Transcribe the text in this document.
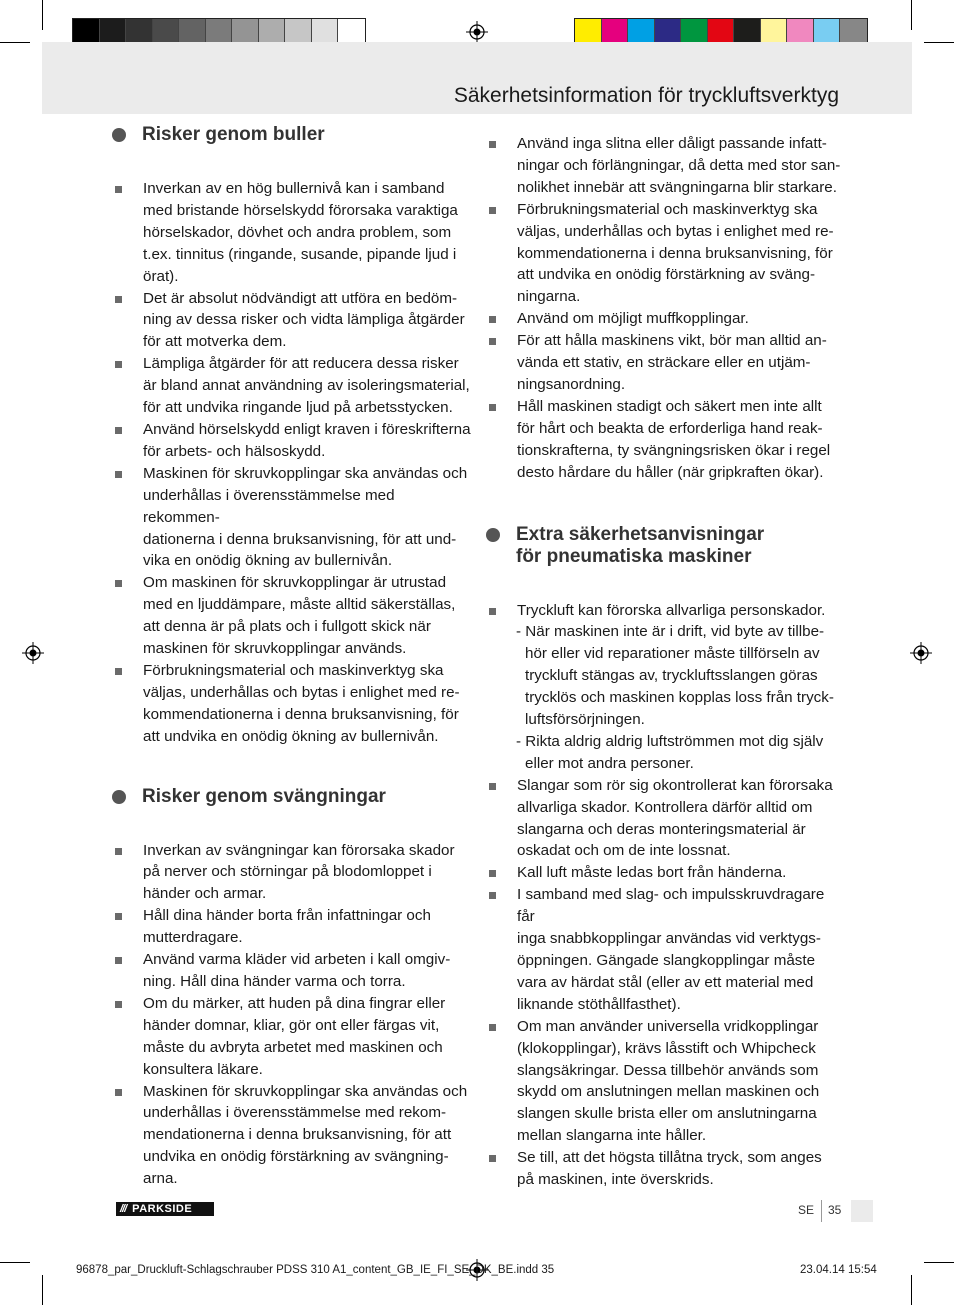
Säkerhetsinformation för tryckluftsverktyg
Risker genom buller
Inverkan av en hög bullernivå kan i samband
med bristande hörselskydd förorsaka varaktiga
hörselskador, dövhet och andra problem, som
t.ex. tinnitus (ringande, susande, pipande ljud i
örat).
Det är absolut nödvändigt att utföra en bedöm-
ning av dessa risker och vidta lämpliga åtgärder
för att motverka dem.
Lämpliga åtgärder för att reducera dessa risker
är bland annat användning av isoleringsmaterial,
för att undvika ringande ljud på arbetsstycken.
Använd hörselskydd enligt kraven i föreskrifterna
för arbets- och hälsoskydd.
Maskinen för skruvkopplingar ska användas och
underhållas i överensstämmelse med rekommen-
dationerna i denna bruksanvisning, för att und-
vika en onödig ökning av bullernivån.
Om maskinen för skruvkopplingar är utrustad
med en ljuddämpare, måste alltid säkerställas,
att denna är på plats och i fullgott skick när
maskinen för skruvkopplingar används.
Förbrukningsmaterial och maskinverktyg ska
väljas, underhållas och bytas i enlighet med re-
kommendationerna i denna bruksanvisning, för
att undvika en onödig ökning av bullernivån.
Risker genom svängningar
Inverkan av svängningar kan förorsaka skador
på nerver och störningar på blodomloppet i
händer och armar.
Håll dina händer borta från infattningar och
mutterdragare.
Använd varma kläder vid arbeten i kall omgiv-
ning. Håll dina händer varma och torra.
Om du märker, att huden på dina fingrar eller
händer domnar, kliar, gör ont eller färgas vit,
måste du avbryta arbetet med maskinen och
konsultera läkare.
Maskinen för skruvkopplingar ska användas och
underhållas i överensstämmelse med rekom-
mendationerna i denna bruksanvisning, för att
undvika en onödig förstärkning av svängning-
arna.
Använd inga slitna eller dåligt passande infatt-
ningar och förlängningar, då detta med stor san-
nolikhet innebär att svängningarna blir starkare.
Förbrukningsmaterial och maskinverktyg ska
väljas, underhållas och bytas i enlighet med re-
kommendationerna i denna bruksanvisning, för
att undvika en onödig förstärkning av sväng-
ningarna.
Använd om möjligt muffkopplingar.
För att hålla maskinens vikt, bör man alltid an-
vända ett stativ, en sträckare eller en utjäm-
ningsanordning.
Håll maskinen stadigt och säkert men inte allt
för hårt och beakta de erforderliga hand reak-
tionskrafterna, ty svängningsrisken ökar i regel
desto hårdare du håller (när gripkraften ökar).
Extra säkerhetsanvisningar
för pneumatiska maskiner
Tryckluft kan förorska allvarliga personskador.
- När maskinen inte är i drift, vid byte av tillbe-
hör eller vid reparationer måste tillförseln av
tryckluft stängas av, tryckluftsslangen göras
trycklös och maskinen kopplas loss från tryck-
luftsförsörjningen.
- Rikta aldrig aldrig luftströmmen mot dig själv
eller mot andra personer.
Slangar som rör sig okontrollerat kan förorsaka
allvarliga skador. Kontrollera därför alltid om
slangarna och deras monteringsmaterial är
oskadat och om de inte lossnat.
Kall luft måste ledas bort från händerna.
I samband med slag- och impulsskruvdragare får
inga snabbkopplingar användas vid verktygs-
öppningen. Gängade slangkopplingar måste
vara av härdat stål (eller av ett material med
liknande stöthållfasthet).
Om man använder universella vridkopplingar
(klokopplingar), krävs låsstift och Whipcheck
slangsäkringar. Dessa tillbehör används som
skydd om anslutningen mellan maskinen och
slangen skulle brista eller om anslutningarna
mellan slangarna inte håller.
Se till, att det högsta tillåtna tryck, som anges
på maskinen, inte överskrids.
/// PARKSIDE	SE 35
96878_par_Druckluft-Schlagschrauber PDSS 310 A1_content_GB_IE_FI_SE_DK_BE.indd 35	23.04.14 15:54
